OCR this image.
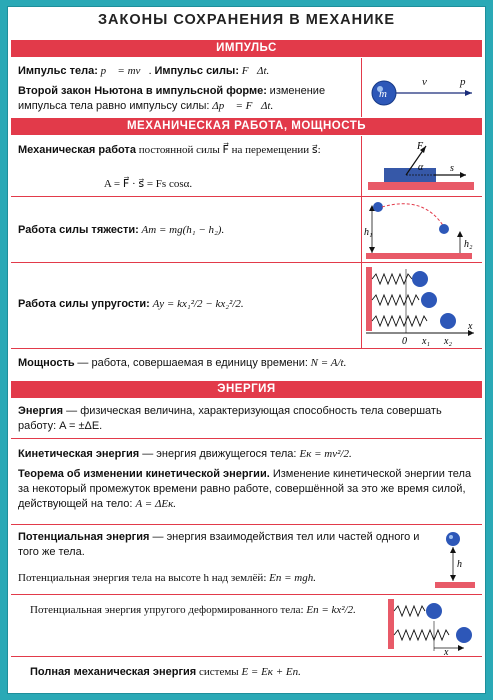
ЗАКОНЫ СОХРАНЕНИЯ В МЕХАНИКЕ
ИМПУЛЬС
Импульс тела: p⃗ = mv⃗. Импульс силы: F⃗Δt.
Второй закон Ньютона в импульсной форме: изменение импульса тела равно импульсу силы: Δp⃗ = F⃗Δt.
m
v⃗ p⃗
МЕХАНИЧЕСКАЯ РАБОТА, МОЩНОСТЬ
Механическая работа постоянной силы F⃗ на перемещении s⃗:
A = F⃗ · s⃗ = Fs cosα.
F⃗
α	s⃗
Работа силы тяжести: Aт = mg(h₁ − h₂).	h₁
h₂
Работа силы упругости: Aу = kx₁²/2 − kx₂²/2.
0 x₁ x₂
x
Мощность — работа, совершаемая в единицу времени: N = A/t.
ЭНЕРГИЯ
Энергия — физическая величина, характеризующая способность тела совершать работу: A = ±ΔE.
Кинетическая энергия — энергия движущегося тела: Eк = mv²/2.
Теорема об изменении кинетической энергии. Изменение кинетической энергии тела за некоторый промежуток времени равно работе, совершённой за это же время силой, действующей на тело: A = ΔEк.
Потенциальная энергия — энергия взаимодействия тел или частей одного и того же тела.
Потенциальная энергия тела на высоте h над землёй: Eп = mgh.
h
Потенциальная энергия упругого деформированного тела: Eп = kx²/2.
x
Полная механическая энергия системы E = Eк + Eп.
